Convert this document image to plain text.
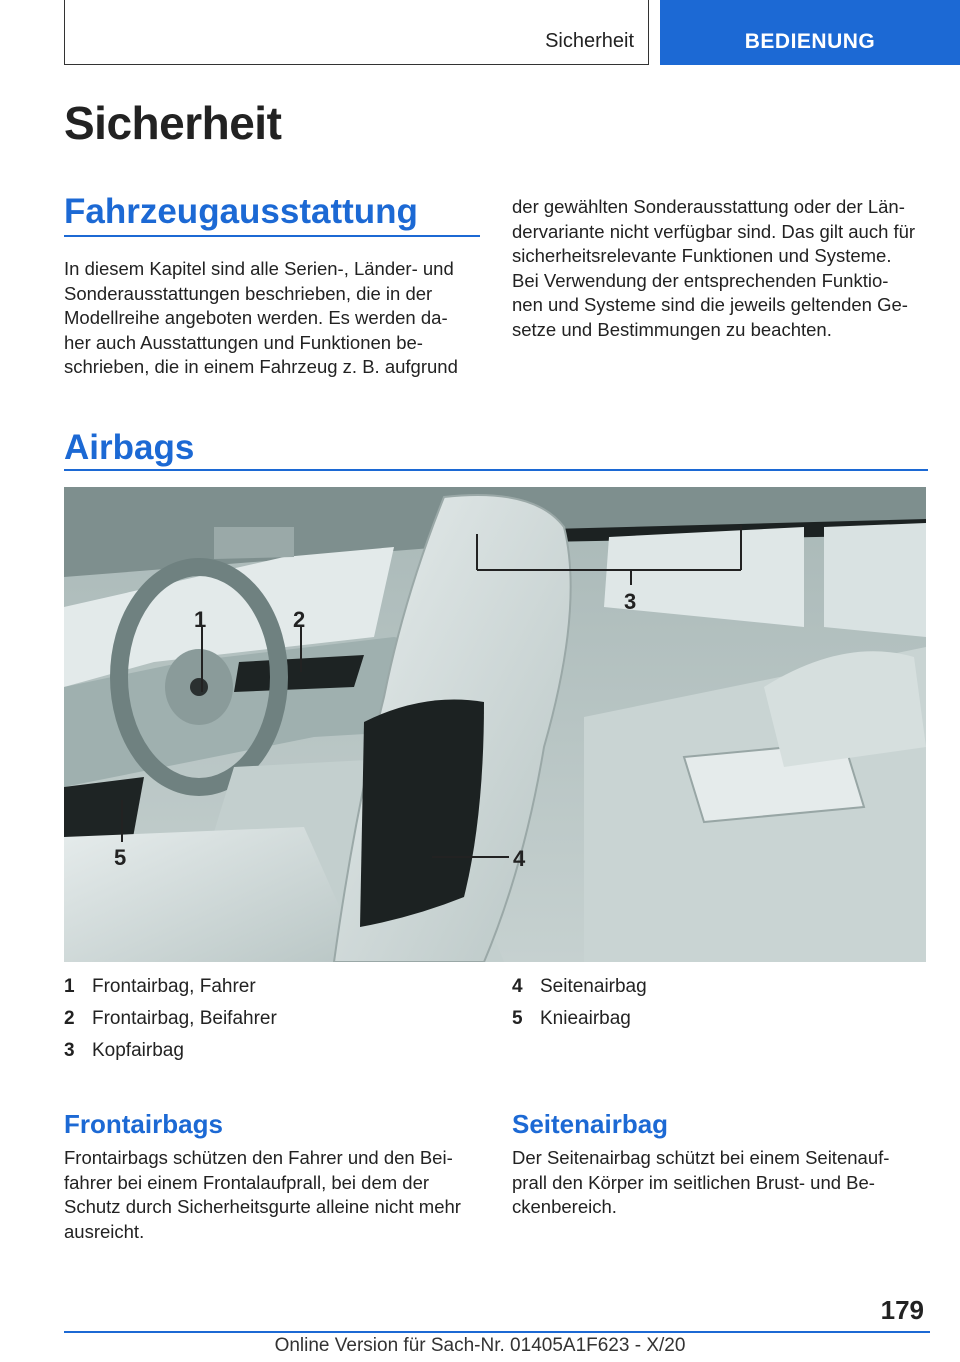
Sicherheit	BEDIENUNG
Sicherheit
Fahrzeugausstattung
In diesem Kapitel sind alle Serien-, Länder- und
Sonderausstattungen beschrieben, die in der
Modellreihe angeboten werden. Es werden da-
her auch Ausstattungen und Funktionen be-
schrieben, die in einem Fahrzeug z. B. aufgrund
der gewählten Sonderausstattung oder der Län-
dervariante nicht verfügbar sind. Das gilt auch für
sicherheitsrelevante Funktionen und Systeme.
Bei Verwendung der entsprechenden Funktio-
nen und Systeme sind die jeweils geltenden Ge-
setze und Bestimmungen zu beachten.
Airbags
1	2
3
4
5
1 Frontairbag, Fahrer
2 Frontairbag, Beifahrer
3 Kopfairbag
4 Seitenairbag
5 Knieairbag
Frontairbags
Frontairbags schützen den Fahrer und den Bei-
fahrer bei einem Frontalaufprall, bei dem der
Schutz durch Sicherheitsgurte alleine nicht mehr
ausreicht.
Seitenairbag
Der Seitenairbag schützt bei einem Seitenauf-
prall den Körper im seitlichen Brust- und Be-
ckenbereich.
179
Online Version für Sach-Nr. 01405A1F623 - X/20
